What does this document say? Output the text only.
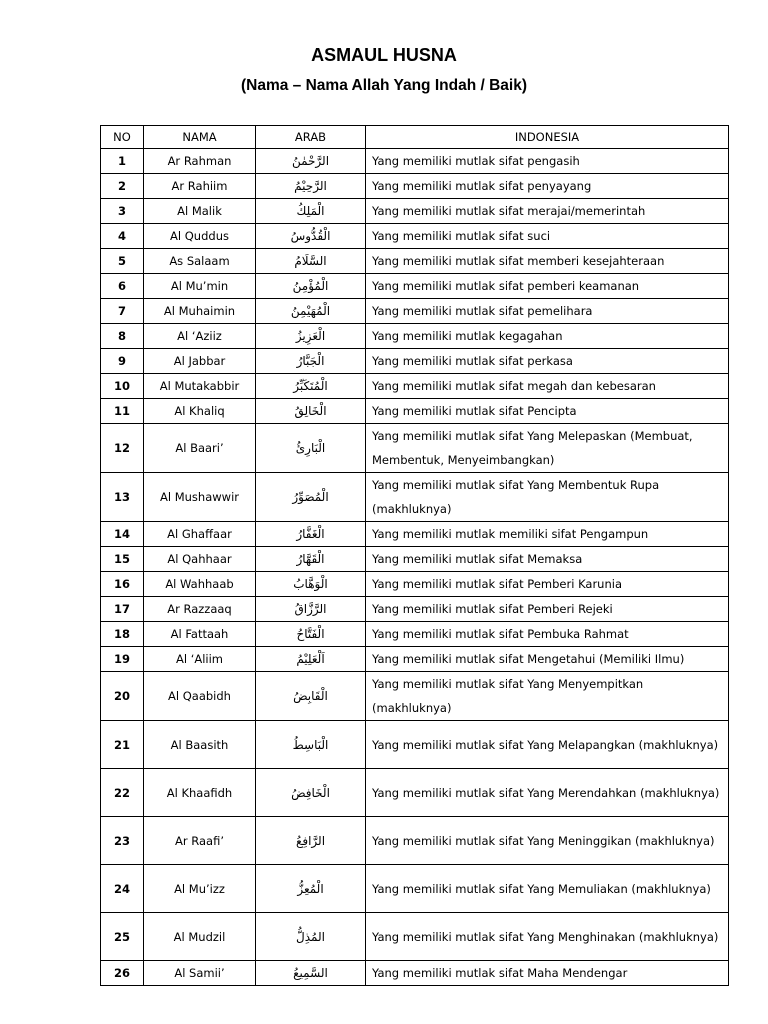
ASMAUL HUSNA
(Nama – Nama Allah Yang Indah / Baik)
NO	NAMA	ARAB	INDONESIA
1	Ar Rahman	الرَّحْمٰنُ	Yang memiliki mutlak sifat pengasih
2	Ar Rahiim	الرَّحِيْمُ	Yang memiliki mutlak sifat penyayang
3	Al Malik	الْمَلِكُ	Yang memiliki mutlak sifat merajai/memerintah
4	Al Quddus	الْقُدُّوسُ	Yang memiliki mutlak sifat suci
5	As Salaam	السَّلَامُ	Yang memiliki mutlak sifat memberi kesejahteraan
6	Al Mu’min	الْمُؤْمِنُ	Yang memiliki mutlak sifat pemberi keamanan
7	Al Muhaimin	الْمُهَيْمِنُ	Yang memiliki mutlak sifat pemelihara
8	Al ‘Aziiz	الْعَزِيزُ	Yang memiliki mutlak kegagahan
9	Al Jabbar	الْجَبَّارُ	Yang memiliki mutlak sifat perkasa
10	Al Mutakabbir	الْمُتَكَبِّرُ	Yang memiliki mutlak sifat megah dan kebesaran
11	Al Khaliq	الْخَالِقُ	Yang memiliki mutlak sifat Pencipta
12	Al Baari’	الْبَارِئُ	Yang memiliki mutlak sifat Yang Melepaskan (Membuat, Membentuk, Menyeimbangkan)
13	Al Mushawwir	الْمُصَوِّرُ	Yang memiliki mutlak sifat Yang Membentuk Rupa (makhluknya)
14	Al Ghaffaar	الْغَفَّارُ	Yang memiliki mutlak memiliki sifat Pengampun
15	Al Qahhaar	الْقَهَّارُ	Yang memiliki mutlak sifat Memaksa
16	Al Wahhaab	الْوَهَّابُ	Yang memiliki mutlak sifat Pemberi Karunia
17	Ar Razzaaq	الرَّزَّاقُ	Yang memiliki mutlak sifat Pemberi Rejeki
18	Al Fattaah	الْفَتَّاحُ	Yang memiliki mutlak sifat Pembuka Rahmat
19	Al ‘Aliim	اَلْعَلِيْمُ	Yang memiliki mutlak sifat Mengetahui (Memiliki Ilmu)
20	Al Qaabidh	الْقَابِضُ	Yang memiliki mutlak sifat Yang Menyempitkan (makhluknya)
21	Al Baasith	الْبَاسِطُ	Yang memiliki mutlak sifat Yang Melapangkan (makhluknya)
22	Al Khaafidh	الْخَافِضُ	Yang memiliki mutlak sifat Yang Merendahkan (makhluknya)
23	Ar Raafi’	الرَّافِعُ	Yang memiliki mutlak sifat Yang Meninggikan (makhluknya)
24	Al Mu’izz	الْمُعِزُّ	Yang memiliki mutlak sifat Yang Memuliakan (makhluknya)
25	Al Mudzil	المُذِلُّ	Yang memiliki mutlak sifat Yang Menghinakan (makhluknya)
26	Al Samii’	السَّمِيعُ	Yang memiliki mutlak sifat Maha Mendengar
